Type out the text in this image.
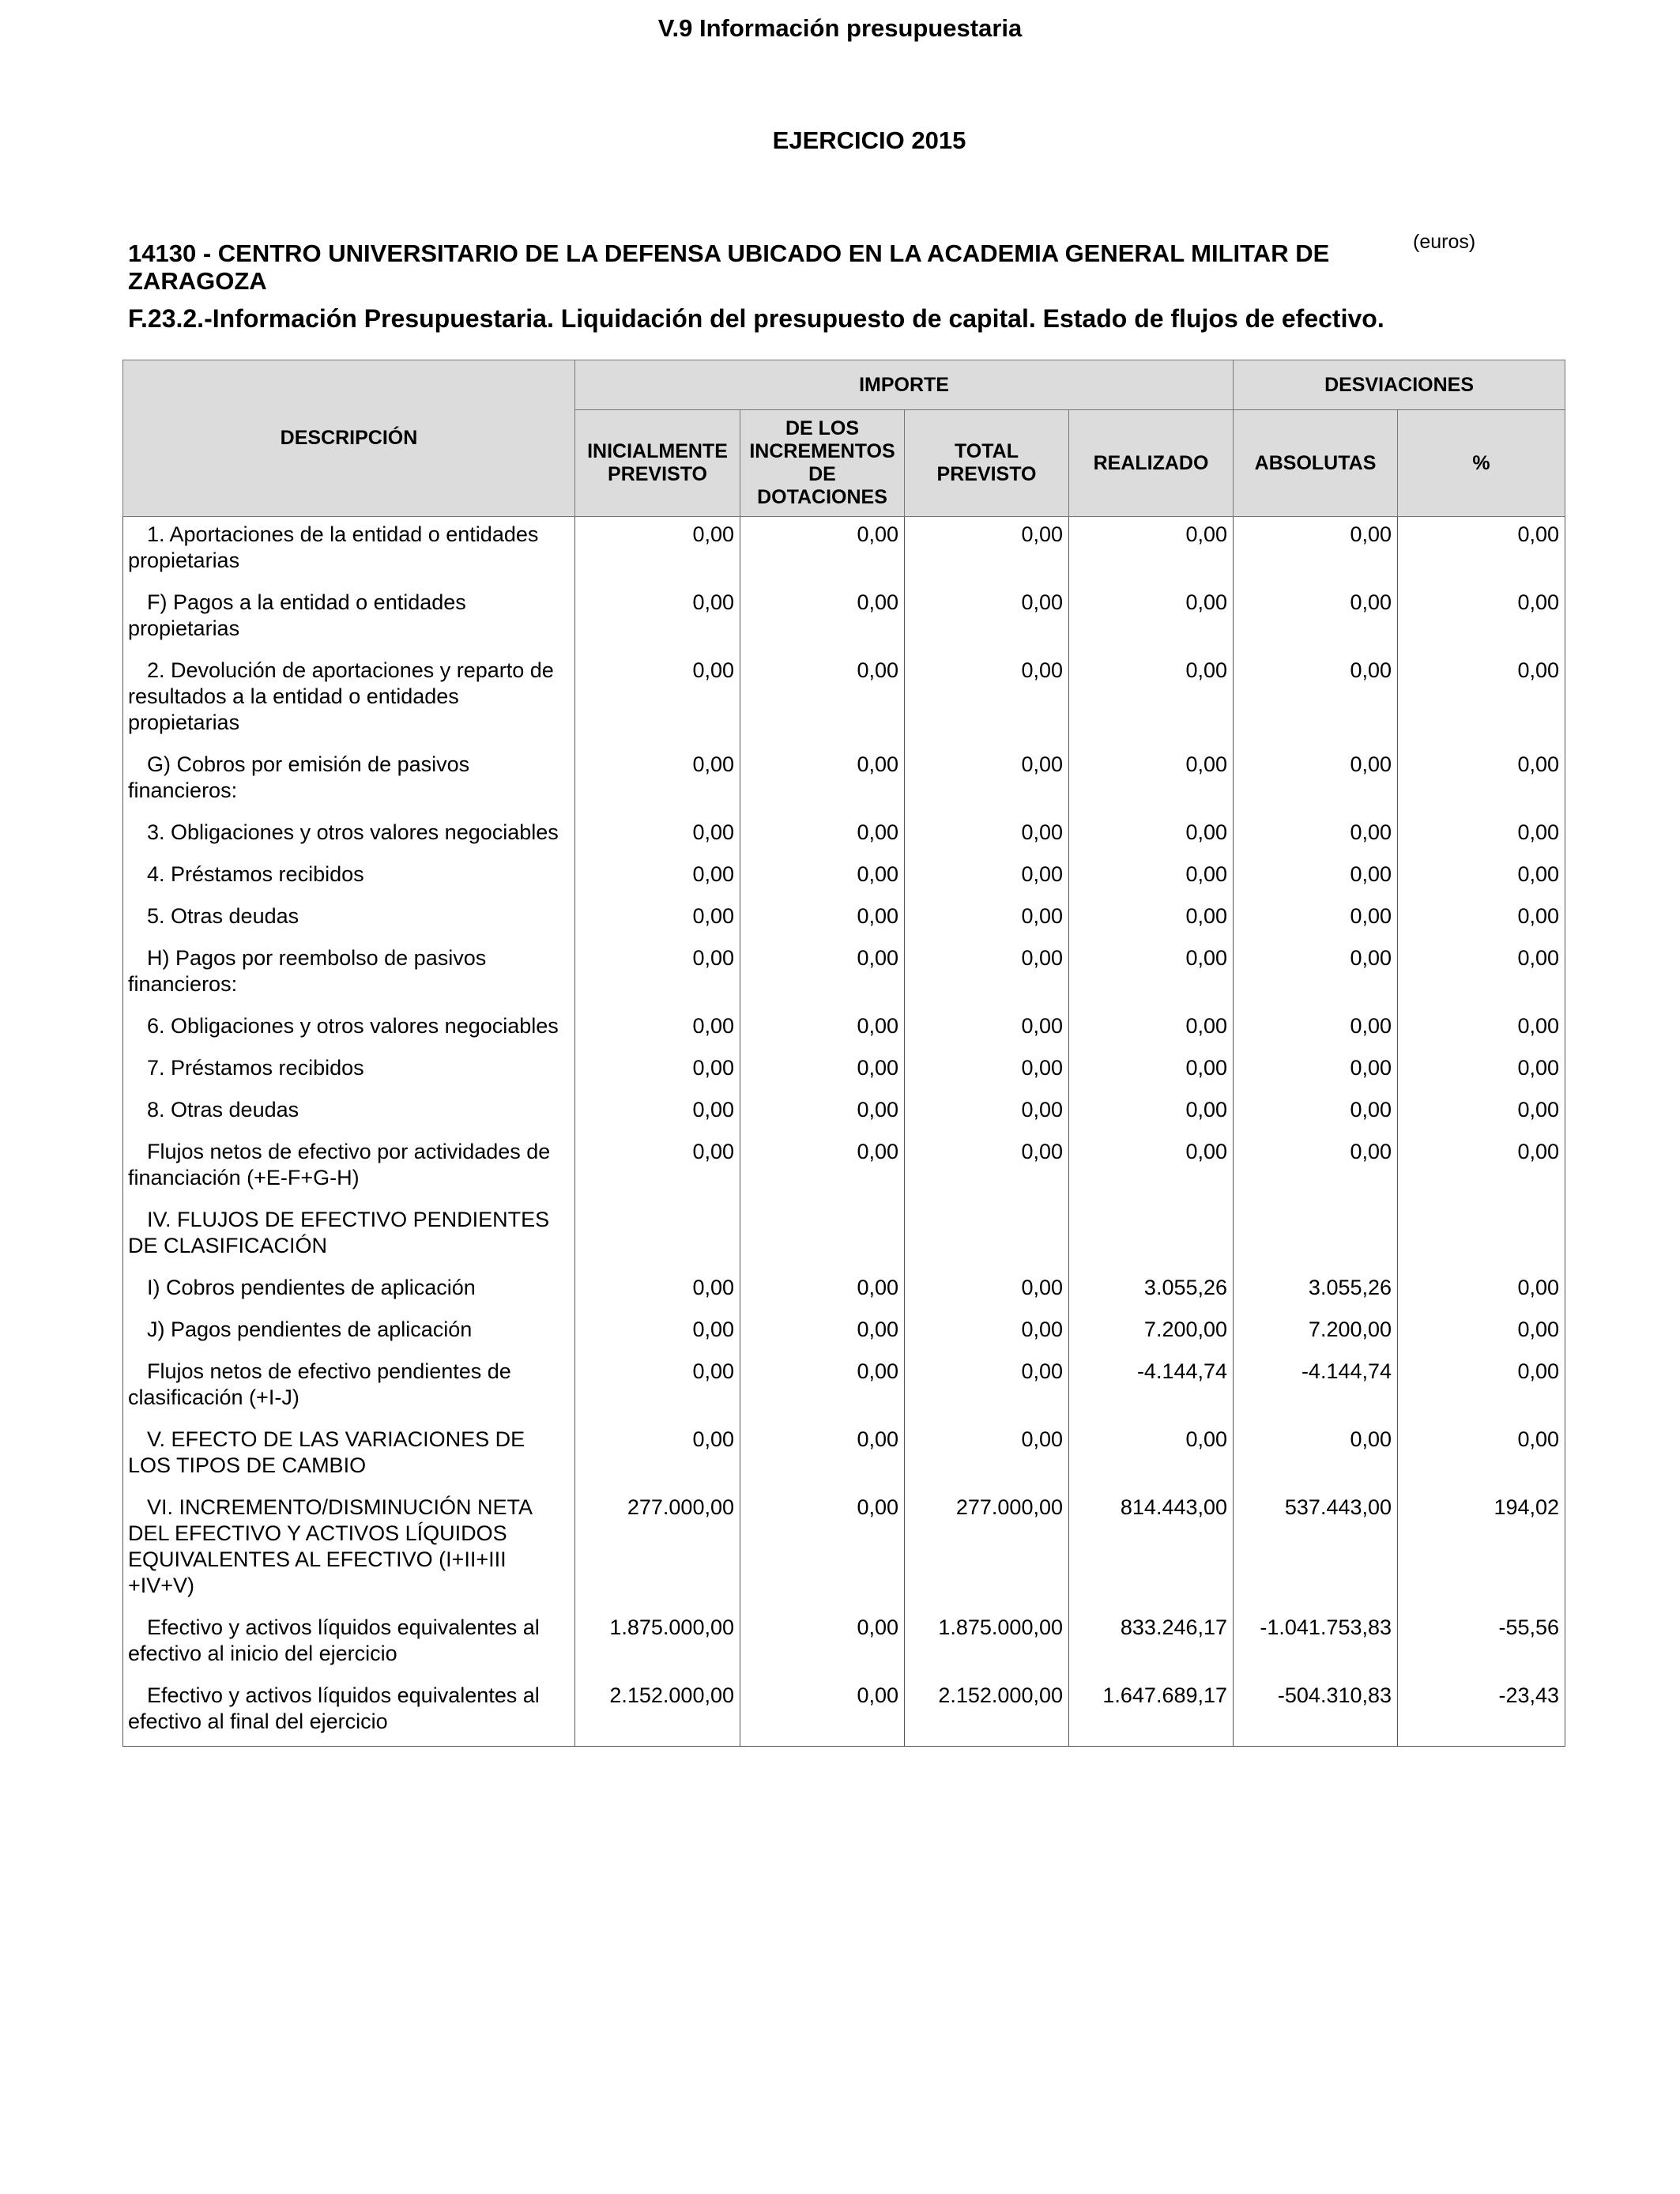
V.9 Información presupuestaria
EJERCICIO 2015
14130 - CENTRO UNIVERSITARIO DE LA DEFENSA UBICADO EN LA ACADEMIA GENERAL MILITAR DE ZARAGOZA
(euros)
F.23.2.-Información Presupuestaria. Liquidación del presupuesto de capital. Estado de flujos de efectivo.
DESCRIPCIÓN	IMPORTE				DESVIACIONES	
	INICIALMENTE PREVISTO	DE LOS INCREMENTOS DE DOTACIONES	TOTAL PREVISTO	REALIZADO	ABSOLUTAS	%
1. Aportaciones de la entidad o entidades propietarias	0,00	0,00	0,00	0,00	0,00	0,00
F) Pagos a la entidad o entidades propietarias	0,00	0,00	0,00	0,00	0,00	0,00
2. Devolución de aportaciones y reparto de resultados a la entidad o entidades propietarias	0,00	0,00	0,00	0,00	0,00	0,00
G) Cobros por emisión de pasivos financieros:	0,00	0,00	0,00	0,00	0,00	0,00
3. Obligaciones y otros valores negociables	0,00	0,00	0,00	0,00	0,00	0,00
4. Préstamos recibidos	0,00	0,00	0,00	0,00	0,00	0,00
5. Otras deudas	0,00	0,00	0,00	0,00	0,00	0,00
H) Pagos por reembolso de pasivos financieros:	0,00	0,00	0,00	0,00	0,00	0,00
6. Obligaciones y otros valores negociables	0,00	0,00	0,00	0,00	0,00	0,00
7. Préstamos recibidos	0,00	0,00	0,00	0,00	0,00	0,00
8. Otras deudas	0,00	0,00	0,00	0,00	0,00	0,00
Flujos netos de efectivo por actividades de financiación (+E-F+G-H)	0,00	0,00	0,00	0,00	0,00	0,00
IV. FLUJOS DE EFECTIVO PENDIENTES DE CLASIFICACIÓN						
I) Cobros pendientes de aplicación	0,00	0,00	0,00	3.055,26	3.055,26	0,00
J) Pagos pendientes de aplicación	0,00	0,00	0,00	7.200,00	7.200,00	0,00
Flujos netos de efectivo pendientes de clasificación (+I-J)	0,00	0,00	0,00	-4.144,74	-4.144,74	0,00
V. EFECTO DE LAS VARIACIONES DE LOS TIPOS DE CAMBIO	0,00	0,00	0,00	0,00	0,00	0,00
VI. INCREMENTO/DISMINUCIÓN NETA DEL EFECTIVO Y ACTIVOS LÍQUIDOS EQUIVALENTES AL EFECTIVO (I+II+III +IV+V)	277.000,00	0,00	277.000,00	814.443,00	537.443,00	194,02
Efectivo y activos líquidos equivalentes al efectivo al inicio del ejercicio	1.875.000,00	0,00	1.875.000,00	833.246,17	-1.041.753,83	-55,56
Efectivo y activos líquidos equivalentes al efectivo al final del ejercicio	2.152.000,00	0,00	2.152.000,00	1.647.689,17	-504.310,83	-23,43
